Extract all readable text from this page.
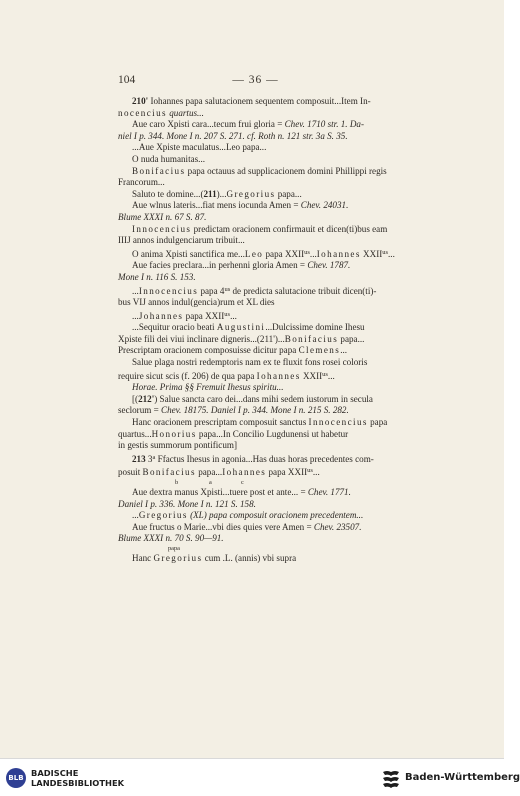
104	— 36 —

210' Iohannes papa salutacionem sequentem composuit...Item In-

nocencius quartus...

Aue caro Xpisti cara...tecum frui gloria = Chev. 1710 str. 1. Da-

niel I p. 344. Mone I n. 207 S. 271. cf. Roth n. 121 str. 3a S. 35.

...Aue Xpiste maculatus...Leo papa...

O nuda humanitas...

Bonifacius papa octauus ad supplicacionem domini Phillippi regis

Francorum...

Saluto te domine...(211)...Gregorius papa...

Aue wlnus lateris...fiat mens iocunda Amen = Chev. 24031.

Blume XXXI n. 67 S. 87.

Innocencius predictam oracionem confirmauit et dicen(ti)bus eam

IIIJ annos indulgenciarum tribuit...

O anima Xpisti sanctifica me...Leo papa $XXII^{us}...Iohannes$ $XXII^{us}$...

Aue facies preclara...in perhenni gloria Amen = Chev. 1787.

Mone I n. 116 S. 153.

...Innocencius papa $4^{us}$ de predicta salutacione tribuit dicen(ti)-

bus VIJ annos indul(gencia)rum et XL dies

...Johannes papa $XXII^{us}$...

...Sequitur oracio beati Augustini...Dulcissime domine Ihesu

Xpiste fili dei viui inclinare digneris...(211')...Bonifacius papa...

Prescriptam oracionem composuisse dicitur papa Clemens...

Salue plaga nostri redemptoris nam ex te fluxit fons rosei coloris

require sicut scis (f. 206) de qua papa Iohannes $XXII^{us}$...

Horae. Prima §§ Fremuit Ihesus spiritu...

[(212') Salue sancta caro dei...dans mihi sedem iustorum in secula

seclorum = Chev. 18175. Daniel I p. 344. Mone I n. 215 S. 282.

Hanc oracionem prescriptam composuit sanctus Innocencius papa

quartus...Honorius papa...In Concilio Lugdunensi ut habetur

in gestis summorum pontificum]

213 3$^a$ Ffactus Ihesus in agonia...Has duas horas precedentes com-

posuit Bonifacius papa...Iohannes papa $XXII^{us}$...

b	a	c

Aue dextra manus Xpisti...tuere post et ante... = Chev. 1771.

Daniel I p. 336. Mone I n. 121 S. 158.

...Gregorius (XL) papa composuit oracionem precedentem...

Aue fructus o Marie...vbi dies quies vere Amen = Chev. 23507.

Blume XXXI n. 70 S. 90—91.

papa

Hanc Gregorius cum .L. (annis) vbi supra

BLB BADISCHE
LANDESBIBLIOTHEK	Baden-Württemberg
